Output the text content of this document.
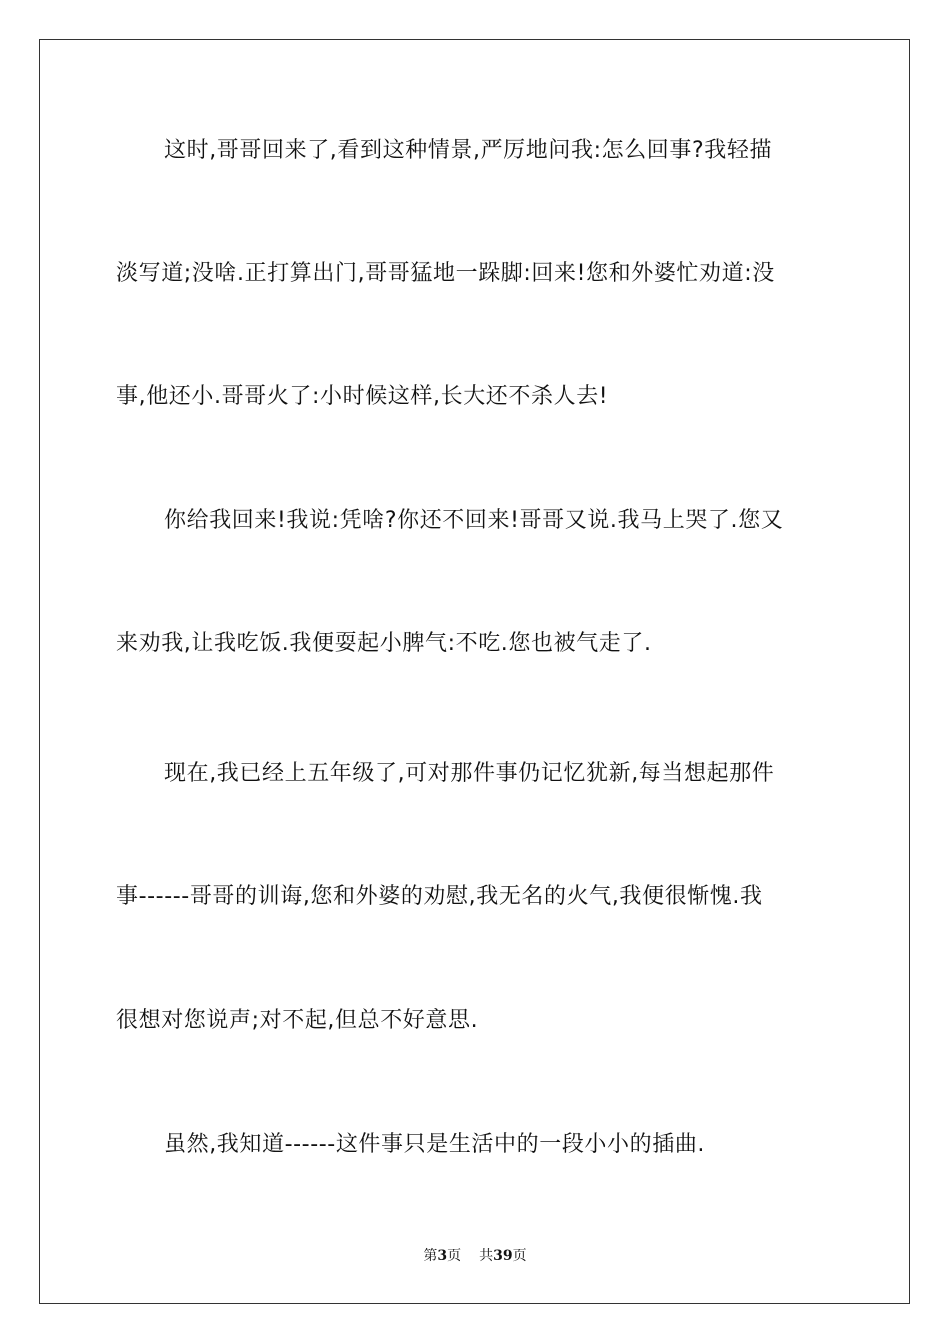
这时,哥哥回来了,看到这种情景,严厉地问我:怎么回事?我轻描
淡写道;没啥.正打算出门,哥哥猛地一跺脚:回来!您和外婆忙劝道:没
事,他还小.哥哥火了:小时候这样,长大还不杀人去!
你给我回来!我说:凭啥?你还不回来!哥哥又说.我马上哭了.您又
来劝我,让我吃饭.我便耍起小脾气:不吃.您也被气走了.
现在,我已经上五年级了,可对那件事仍记忆犹新,每当想起那件
事------哥哥的训诲,您和外婆的劝慰,我无名的火气,我便很惭愧.我
很想对您说声;对不起,但总不好意思.
虽然,我知道------这件事只是生活中的一段小小的插曲.
第3页 共39页
